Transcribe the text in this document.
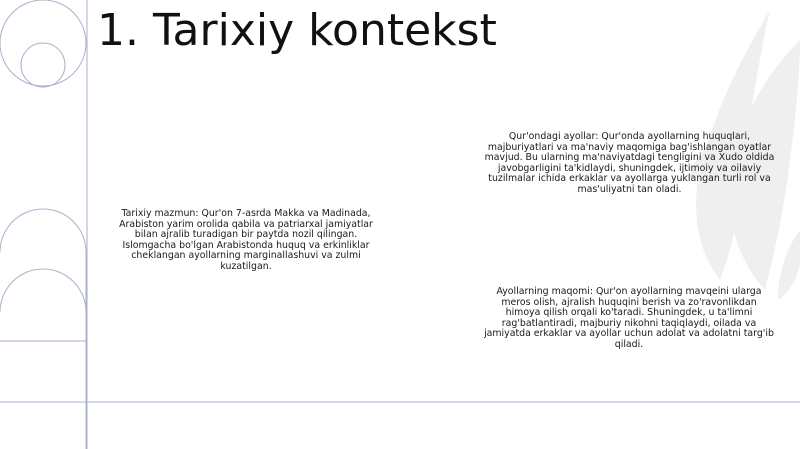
1. Tarixiy kontekst

Tarixiy mazmun: Qur'on 7-asrda Makka va Madinada, Arabiston yarim orolida qabila va patriarxal jamiyatlar bilan ajralib turadigan bir paytda nozil qilingan. Islomgacha bo'lgan Arabistonda huquq va erkinliklar cheklangan ayollarning marginallashuvi va zulmi kuzatilgan.

Qur'ondagi ayollar: Qur'onda ayollarning huquqlari, majburiyatlari va ma'naviy maqomiga bag'ishlangan oyatlar mavjud. Bu ularning ma'naviyatdagi tengligini va Xudo oldida javobgarligini ta'kidlaydi, shuningdek, ijtimoiy va oilaviy tuzilmalar ichida erkaklar va ayollarga yuklangan turli rol va mas'uliyatni tan oladi.

Ayollarning maqomi: Qur'on ayollarning mavqeini ularga meros olish, ajralish huquqini berish va zo'ravonlikdan himoya qilish orqali ko'taradi. Shuningdek, u ta'limni rag'batlantiradi, majburiy nikohni taqiqlaydi, oilada va jamiyatda erkaklar va ayollar uchun adolat va adolatni targ'ib qiladi.
